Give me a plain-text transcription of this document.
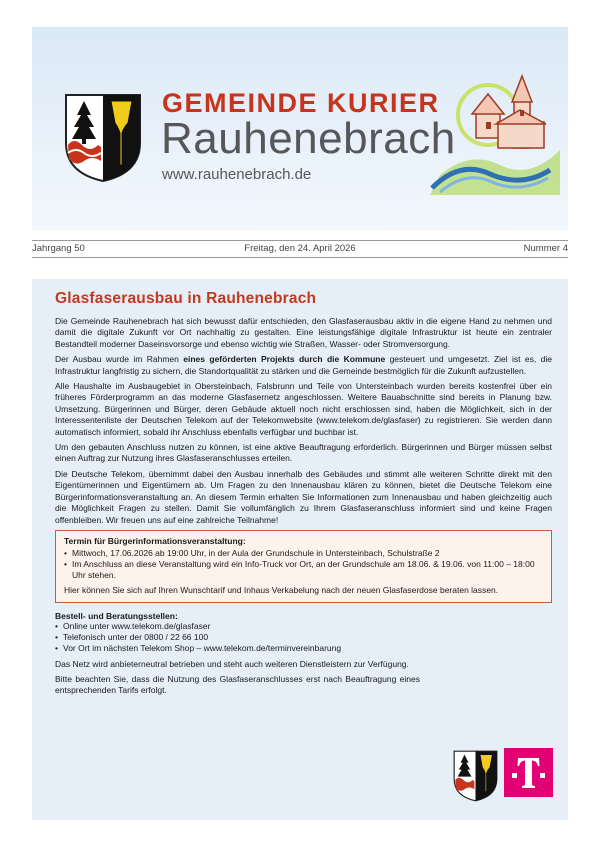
GEMEINDE KURIER
Rauhenebrach
www.rauhenebrach.de
Jahrgang 50	Freitag, den 24. April 2026	Nummer 4
Glasfaserausbau in Rauhenebrach

Die Gemeinde Rauhenebrach hat sich bewusst dafür entschieden, den Glasfaserausbau aktiv in die eigene Hand zu nehmen und damit die digitale Zukunft vor Ort nachhaltig zu gestalten. Eine leistungsfähige digitale Infrastruktur ist heute ein zentraler Bestandteil moderner Daseinsvorsorge und ebenso wichtig wie Straßen, Wasser- oder Stromversorgung.

Der Ausbau wurde im Rahmen eines geförderten Projekts durch die Kommune gesteuert und umgesetzt. Ziel ist es, die Infrastruktur langfristig zu sichern, die Standortqualität zu stärken und die Gemeinde bestmöglich für die Zukunft aufzustellen.

Alle Haushalte im Ausbaugebiet in Obersteinbach, Falsbrunn und Teile von Untersteinbach wurden bereits kostenfrei über ein früheres Förderprogramm an das moderne Glasfasernetz angeschlossen. Weitere Bauabschnitte sind bereits in Planung bzw. Umsetzung. Bürgerinnen und Bürger, deren Gebäude aktuell noch nicht erschlossen sind, haben die Möglichkeit, sich in der Interessentenliste der Deutschen Telekom auf der Telekomwebsite (www.telekom.de/glasfaser) zu registrieren. Sie werden dann automatisch informiert, sobald ihr Anschluss ebenfalls verfügbar und buchbar ist.

Um den gebauten Anschluss nutzen zu können, ist eine aktive Beauftragung erforderlich. Bürgerinnen und Bürger müssen selbst einen Auftrag zur Nutzung ihres Glasfaseranschlusses erteilen.

Die Deutsche Telekom, übernimmt dabei den Ausbau innerhalb des Gebäudes und stimmt alle weiteren Schritte direkt mit den Eigentümerinnen und Eigentümern ab. Um Fragen zu den Innenausbau klären zu können, bietet die Deutsche Telekom eine Bürgerinformationsveranstaltung an. An diesem Termin erhalten Sie Informationen zum Innenausbau und haben gleichzeitig auch die Möglichkeit Fragen zu stellen. Damit Sie vollumfänglich zu Ihrem Glasfaseranschluss informiert sind und keine Fragen offenbleiben. Wir freuen uns auf eine zahlreiche Teilnahme!

Termin für Bürgerinformationsveranstaltung:

• Mittwoch, 17.06.2026 ab 19:00 Uhr, in der Aula der Grundschule in Untersteinbach, Schulstraße 2
• Im Anschluss an diese Veranstaltung wird ein Info-Truck vor Ort, an der Grundschule am 18.06. & 19.06. von 11:00 – 18:00 Uhr stehen.

Hier können Sie sich auf Ihren Wunschtarif und Inhaus Verkabelung nach der neuen Glasfaserdose beraten lassen.

Bestell- und Beratungsstellen:

• Online unter www.telekom.de/glasfaser
• Telefonisch unter der 0800 / 22 66 100
• Vor Ort im nächsten Telekom Shop – www.telekom.de/terminvereinbarung

Das Netz wird anbieterneutral betrieben und steht auch weiteren Dienstleistern zur Verfügung.

Bitte beachten Sie, dass die Nutzung des Glasfaseranschlusses erst nach Beauftragung eines entsprechenden Tarifs erfolgt.
